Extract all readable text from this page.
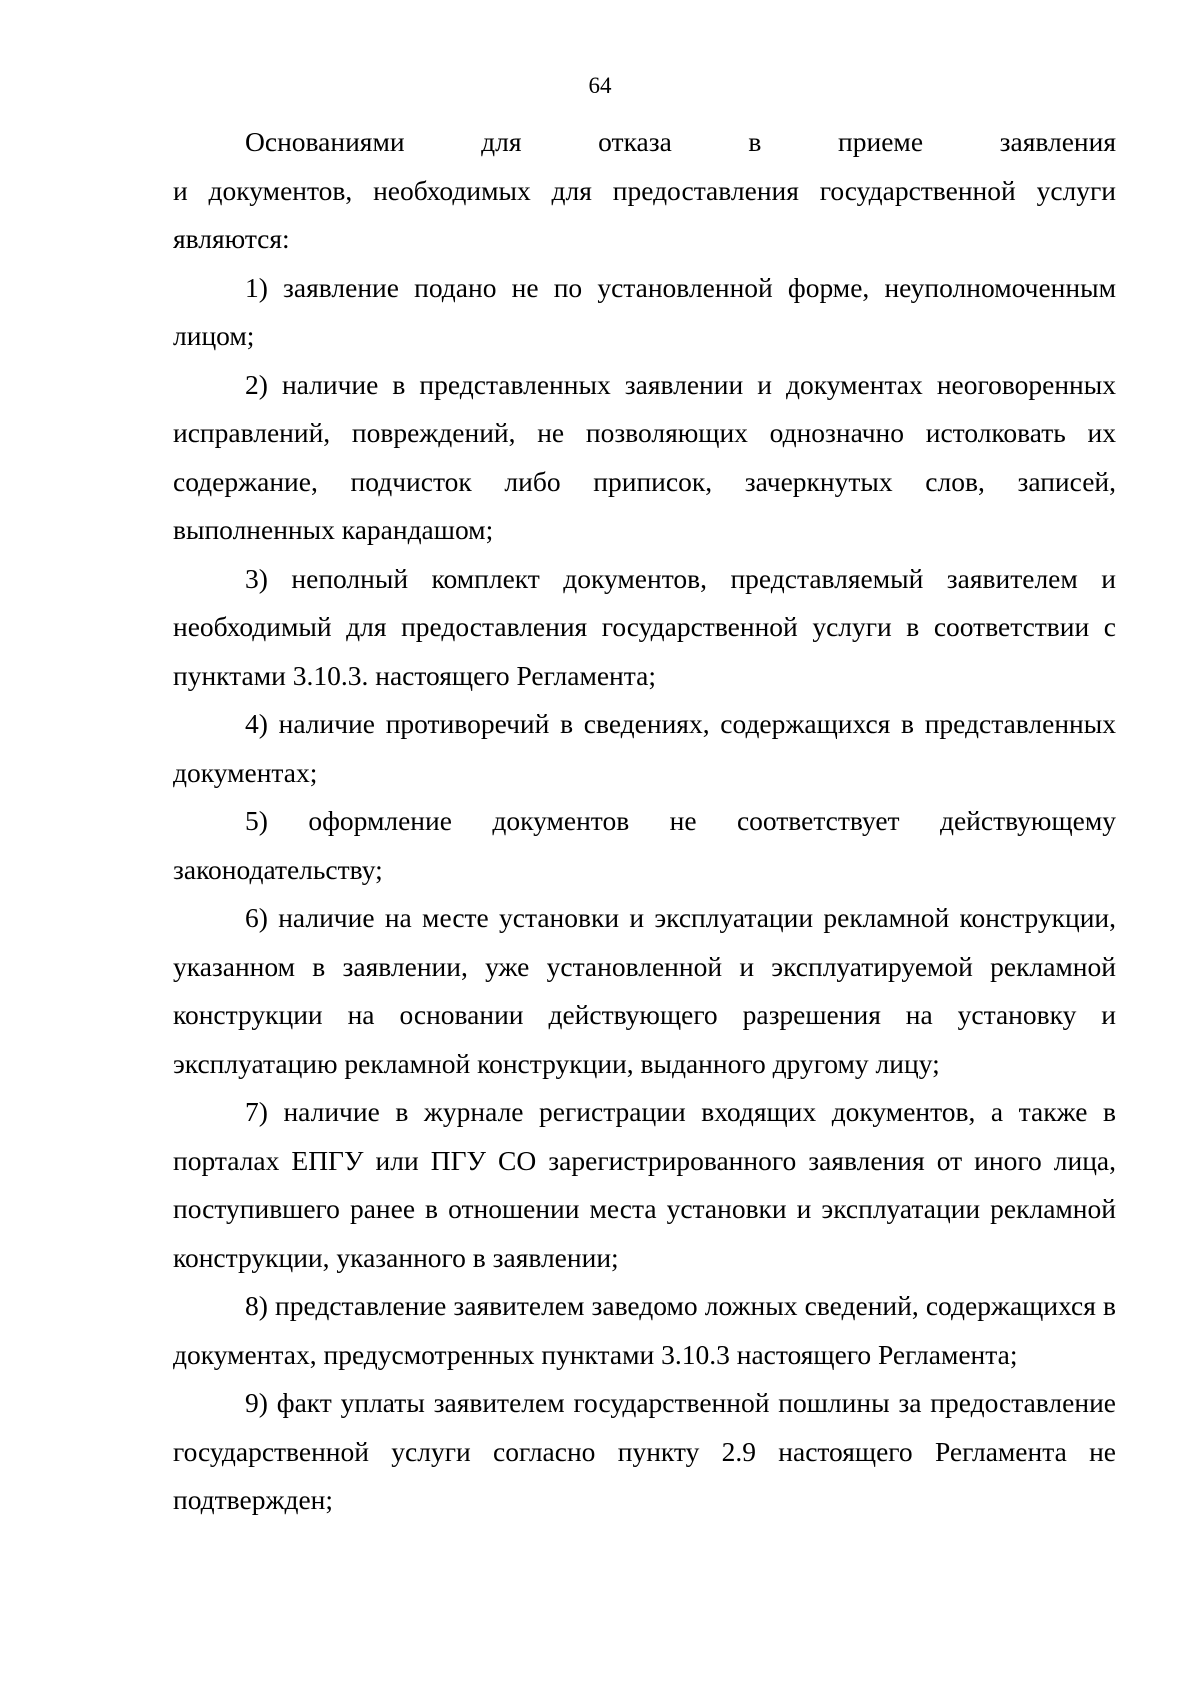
64

Основаниями для отказа в приеме заявления

и документов, необходимых для предоставления государственной услуги являются:

1) заявление подано не по установленной форме, неуполномоченным лицом;

2) наличие в представленных заявлении и документах неоговоренных исправлений, повреждений, не позволяющих однозначно истолковать их содержание, подчисток либо приписок, зачеркнутых слов, записей, выполненных карандашом;

3) неполный комплект документов, представляемый заявителем и необходимый для предоставления государственной услуги в соответствии с пунктами 3.10.3. настоящего Регламента;

4) наличие противоречий в сведениях, содержащихся в представленных документах;

5) оформление документов не соответствует действующему законодательству;

6) наличие на месте установки и эксплуатации рекламной конструкции, указанном в заявлении, уже установленной и эксплуатируемой рекламной конструкции на основании действующего разрешения на установку и эксплуатацию рекламной конструкции, выданного другому лицу;

7) наличие в журнале регистрации входящих документов, а также в порталах ЕПГУ или ПГУ СО зарегистрированного заявления от иного лица, поступившего ранее в отношении места установки и эксплуатации рекламной конструкции, указанного в заявлении;

8) представление заявителем заведомо ложных сведений, содержащихся в документах, предусмотренных пунктами 3.10.3 настоящего Регламента;

9) факт уплаты заявителем государственной пошлины за предоставление государственной услуги согласно пункту 2.9 настоящего Регламента не подтвержден;
